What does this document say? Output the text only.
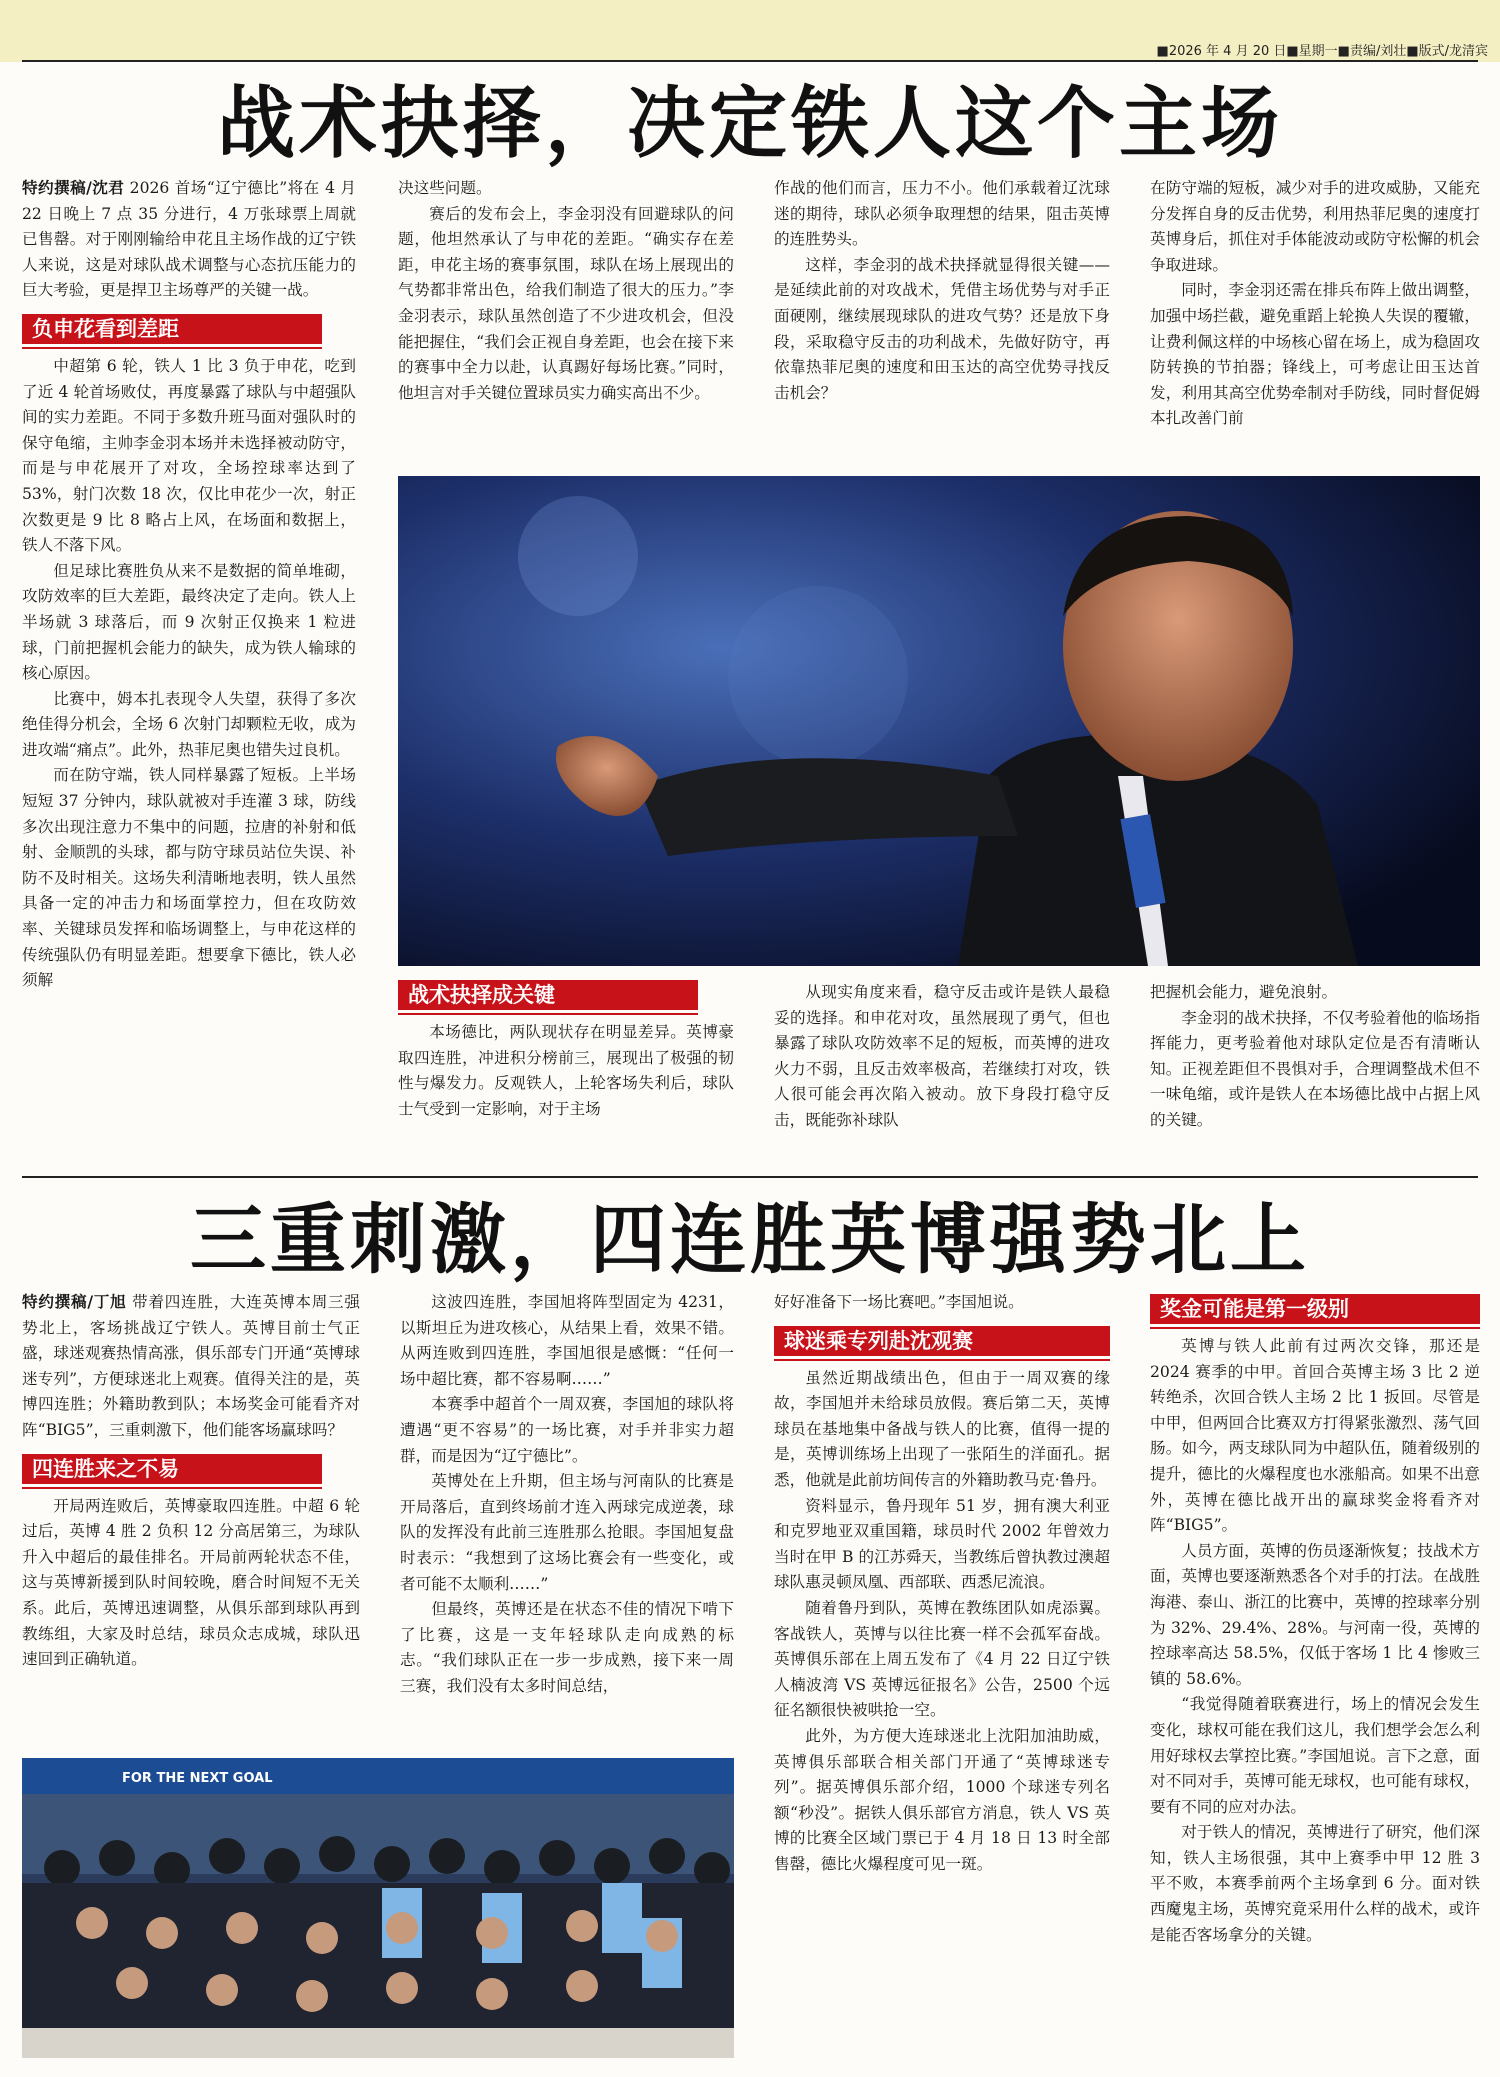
■2026 年 4 月 20 日■星期一■责编/刘壮■版式/龙清宾
战术抉择，决定铁人这个主场

特约撰稿/沈君 2026 首场“辽宁德比”将在 4 月 22 日晚上 7 点 35 分进行，4 万张球票上周就已售罄。对于刚刚输给申花且主场作战的辽宁铁人来说，这是对球队战术调整与心态抗压能力的巨大考验，更是捍卫主场尊严的关键一战。

负申花看到差距

中超第 6 轮，铁人 1 比 3 负于申花，吃到了近 4 轮首场败仗，再度暴露了球队与中超强队间的实力差距。不同于多数升班马面对强队时的保守龟缩，主帅李金羽本场并未选择被动防守，而是与申花展开了对攻，全场控球率达到了 53%，射门次数 18 次，仅比申花少一次，射正次数更是 9 比 8 略占上风，在场面和数据上，铁人不落下风。

但足球比赛胜负从来不是数据的简单堆砌，攻防效率的巨大差距，最终决定了走向。铁人上半场就 3 球落后，而 9 次射正仅换来 1 粒进球，门前把握机会能力的缺失，成为铁人输球的核心原因。

比赛中，姆本扎表现令人失望，获得了多次绝佳得分机会，全场 6 次射门却颗粒无收，成为进攻端“痛点”。此外，热菲尼奥也错失过良机。

而在防守端，铁人同样暴露了短板。上半场短短 37 分钟内，球队就被对手连灌 3 球，防线多次出现注意力不集中的问题，拉唐的补射和低射、金顺凯的头球，都与防守球员站位失误、补防不及时相关。这场失利清晰地表明，铁人虽然具备一定的冲击力和场面掌控力，但在攻防效率、关键球员发挥和临场调整上，与申花这样的传统强队仍有明显差距。想要拿下德比，铁人必须解

决这些问题。

赛后的发布会上，李金羽没有回避球队的问题，他坦然承认了与申花的差距。“确实存在差距，申花主场的赛事氛围，球队在场上展现出的气势都非常出色，给我们制造了很大的压力。”李金羽表示，球队虽然创造了不少进攻机会，但没能把握住，“我们会正视自身差距，也会在接下来的赛事中全力以赴，认真踢好每场比赛。”同时，他坦言对手关键位置球员实力确实高出不少。

作战的他们而言，压力不小。他们承载着辽沈球迷的期待，球队必须争取理想的结果，阻击英博的连胜势头。

这样，李金羽的战术抉择就显得很关键——是延续此前的对攻战术，凭借主场优势与对手正面硬刚，继续展现球队的进攻气势？还是放下身段，采取稳守反击的功利战术，先做好防守，再依靠热菲尼奥的速度和田玉达的高空优势寻找反击机会？

在防守端的短板，减少对手的进攻威胁，又能充分发挥自身的反击优势，利用热菲尼奥的速度打英博身后，抓住对手体能波动或防守松懈的机会争取进球。

同时，李金羽还需在排兵布阵上做出调整，加强中场拦截，避免重蹈上轮换人失误的覆辙，让费利佩这样的中场核心留在场上，成为稳固攻防转换的节拍器；锋线上，可考虑让田玉达首发，利用其高空优势牵制对手防线，同时督促姆本扎改善门前

战术抉择成关键

本场德比，两队现状存在明显差异。英博豪取四连胜，冲进积分榜前三，展现出了极强的韧性与爆发力。反观铁人，上轮客场失利后，球队士气受到一定影响，对于主场

从现实角度来看，稳守反击或许是铁人最稳妥的选择。和申花对攻，虽然展现了勇气，但也暴露了球队攻防效率不足的短板，而英博的进攻火力不弱，且反击效率极高，若继续打对攻，铁人很可能会再次陷入被动。放下身段打稳守反击，既能弥补球队

把握机会能力，避免浪射。

李金羽的战术抉择，不仅考验着他的临场指挥能力，更考验着他对球队定位是否有清晰认知。正视差距但不畏惧对手，合理调整战术但不一味龟缩，或许是铁人在本场德比战中占据上风的关键。

三重刺激，四连胜英博强势北上

特约撰稿/丁旭 带着四连胜，大连英博本周三强势北上，客场挑战辽宁铁人。英博目前士气正盛，球迷观赛热情高涨，俱乐部专门开通“英博球迷专列”，方便球迷北上观赛。值得关注的是，英博四连胜；外籍助教到队；本场奖金可能看齐对阵“BIG5”，三重刺激下，他们能客场赢球吗？

四连胜来之不易

开局两连败后，英博豪取四连胜。中超 6 轮过后，英博 4 胜 2 负积 12 分高居第三，为球队升入中超后的最佳排名。开局前两轮状态不佳，这与英博新援到队时间较晚，磨合时间短不无关系。此后，英博迅速调整，从俱乐部到球队再到教练组，大家及时总结，球员众志成城，球队迅速回到正确轨道。

这波四连胜，李国旭将阵型固定为 4231，以斯坦丘为进攻核心，从结果上看，效果不错。从两连败到四连胜，李国旭很是感慨：“任何一场中超比赛，都不容易啊……”

本赛季中超首个一周双赛，李国旭的球队将遭遇“更不容易”的一场比赛，对手并非实力超群，而是因为“辽宁德比”。

英博处在上升期，但主场与河南队的比赛是开局落后，直到终场前才连入两球完成逆袭，球队的发挥没有此前三连胜那么抢眼。李国旭复盘时表示：“我想到了这场比赛会有一些变化，或者可能不太顺利……”

但最终，英博还是在状态不佳的情况下啃下了比赛，这是一支年轻球队走向成熟的标志。“我们球队正在一步一步成熟，接下来一周三赛，我们没有太多时间总结，

FOR THE NEXT GOAL

好好准备下一场比赛吧。”李国旭说。

球迷乘专列赴沈观赛

虽然近期战绩出色，但由于一周双赛的缘故，李国旭并未给球员放假。赛后第二天，英博球员在基地集中备战与铁人的比赛，值得一提的是，英博训练场上出现了一张陌生的洋面孔。据悉，他就是此前坊间传言的外籍助教马克·鲁丹。

资料显示，鲁丹现年 51 岁，拥有澳大利亚和克罗地亚双重国籍，球员时代 2002 年曾效力当时在甲 B 的江苏舜天，当教练后曾执教过澳超球队惠灵顿凤凰、西部联、西悉尼流浪。

随着鲁丹到队，英博在教练团队如虎添翼。客战铁人，英博与以往比赛一样不会孤军奋战。英博俱乐部在上周五发布了《4 月 22 日辽宁铁人楠波湾 VS 英博远征报名》公告，2500 个远征名额很快被哄抢一空。

此外，为方便大连球迷北上沈阳加油助威，英博俱乐部联合相关部门开通了“英博球迷专列”。据英博俱乐部介绍，1000 个球迷专列名额“秒没”。据铁人俱乐部官方消息，铁人 VS 英博的比赛全区域门票已于 4 月 18 日 13 时全部售罄，德比火爆程度可见一斑。

奖金可能是第一级别

英博与铁人此前有过两次交锋，那还是 2024 赛季的中甲。首回合英博主场 3 比 2 逆转绝杀，次回合铁人主场 2 比 1 扳回。尽管是中甲，但两回合比赛双方打得紧张激烈、荡气回肠。如今，两支球队同为中超队伍，随着级别的提升，德比的火爆程度也水涨船高。如果不出意外，英博在德比战开出的赢球奖金将看齐对阵“BIG5”。

人员方面，英博的伤员逐渐恢复；技战术方面，英博也要逐渐熟悉各个对手的打法。在战胜海港、泰山、浙江的比赛中，英博的控球率分别为 32%、29.4%、28%。与河南一役，英博的控球率高达 58.5%，仅低于客场 1 比 4 惨败三镇的 58.6%。

“我觉得随着联赛进行，场上的情况会发生变化，球权可能在我们这儿，我们想学会怎么利用好球权去掌控比赛。”李国旭说。言下之意，面对不同对手，英博可能无球权，也可能有球权，要有不同的应对办法。

对于铁人的情况，英博进行了研究，他们深知，铁人主场很强，其中上赛季中甲 12 胜 3 平不败，本赛季前两个主场拿到 6 分。面对铁西魔鬼主场，英博究竟采用什么样的战术，或许是能否客场拿分的关键。
